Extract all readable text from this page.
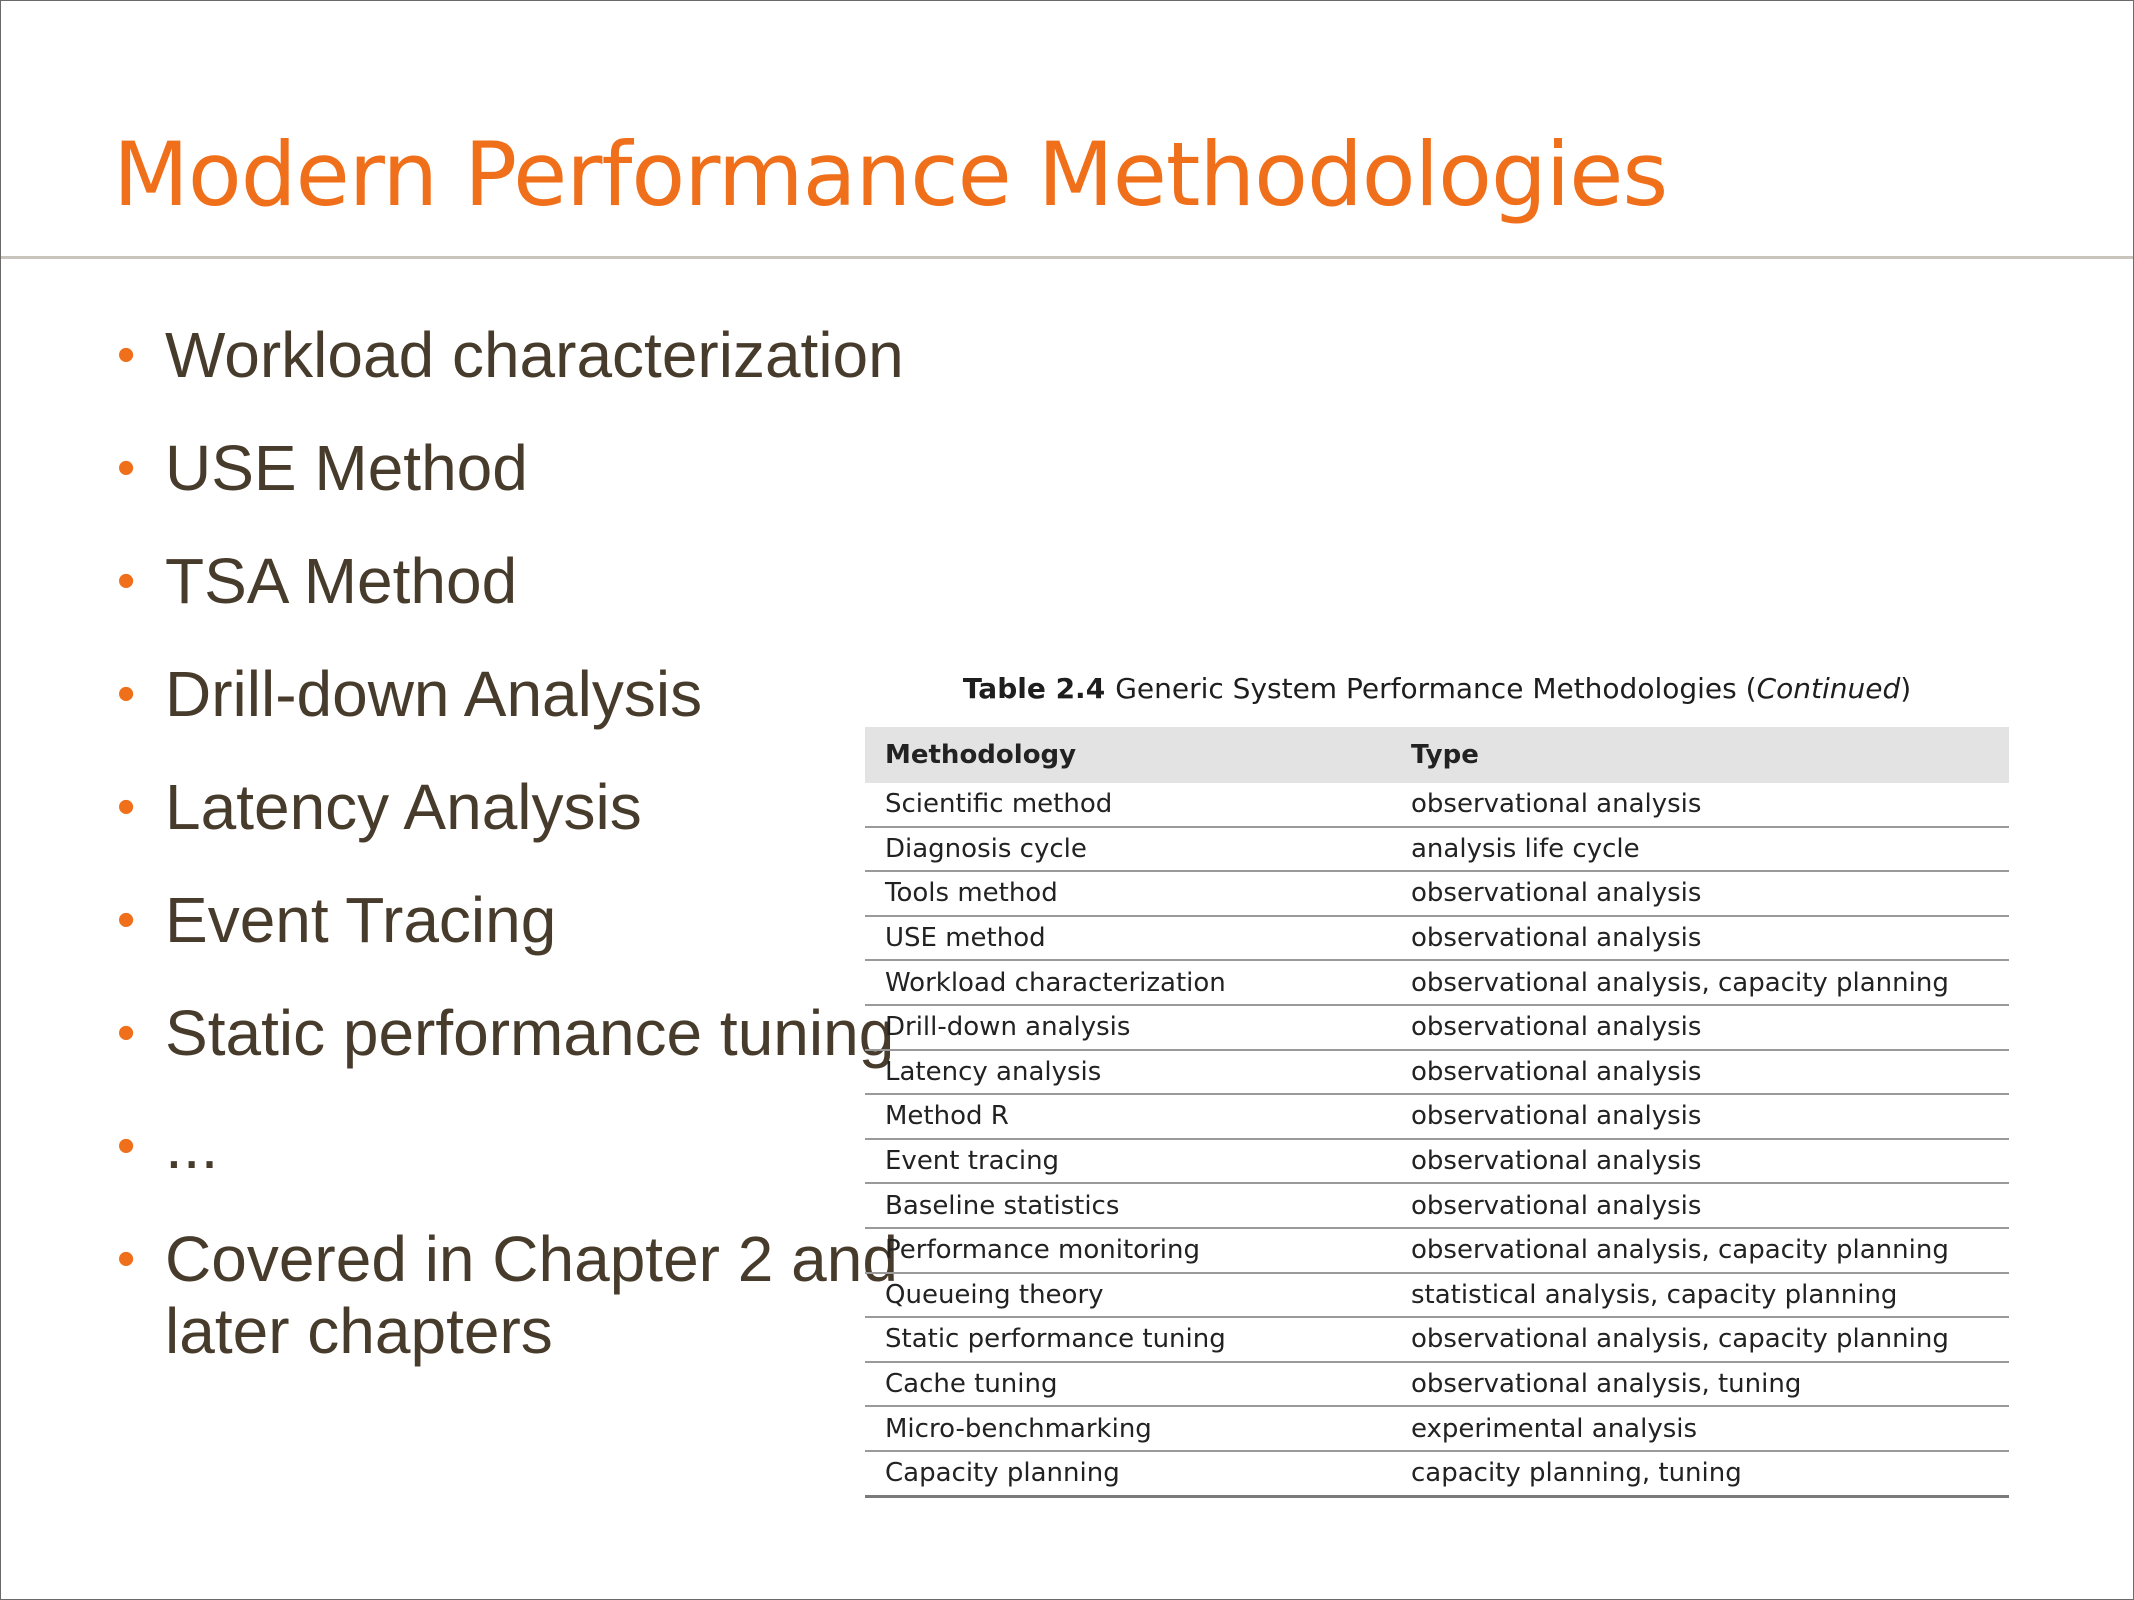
Modern Performance Methodologies
• Workload characterization
• USE Method
• TSA Method
• Drill-down Analysis
• Latency Analysis
• Event Tracing
• Static performance tuning
• ...
• Covered in Chapter 2 and later chapters
Table 2.4 Generic System Performance Methodologies (Continued)
Methodology	Type
Scientific method	observational analysis
Diagnosis cycle	analysis life cycle
Tools method	observational analysis
USE method	observational analysis
Workload characterization	observational analysis, capacity planning
Drill-down analysis	observational analysis
Latency analysis	observational analysis
Method R	observational analysis
Event tracing	observational analysis
Baseline statistics	observational analysis
Performance monitoring	observational analysis, capacity planning
Queueing theory	statistical analysis, capacity planning
Static performance tuning	observational analysis, capacity planning
Cache tuning	observational analysis, tuning
Micro-benchmarking	experimental analysis
Capacity planning	capacity planning, tuning
